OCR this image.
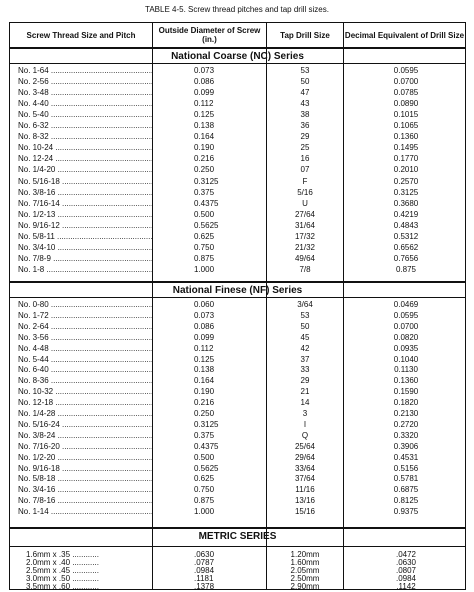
TABLE 4-5. Screw thread pitches and tap drill sizes.
Screw Thread Size and Pitch	Outside Diameter of Screw (in.)	Tap Drill Size	Decimal Equivalent of Drill Size
National Coarse (NC) Series
No. 1-64 .....	0.073	53	0.0595
No. 2-56 .....	0.086	50	0.0700
No. 3-48 .....	0.099	47	0.0785
No. 4-40 .....	0.112	43	0.0890
No. 5-40 .....	0.125	38	0.1015
No. 6-32 .....	0.138	36	0.1065
No. 8-32 .....	0.164	29	0.1360
No. 10-24 .....	0.190	25	0.1495
No. 12-24 .....	0.216	16	0.1770
No. 1/4-20 .....	0.250	07	0.2010
No. 5/16-18 .....	0.3125	F	0.2570
No. 3/8-16 .....	0.375	5/16	0.3125
No. 7/16-14 .....	0.4375	U	0.3680
No. 1/2-13 .....	0.500	27/64	0.4219
No. 9/16-12 .....	0.5625	31/64	0.4843
No. 5/8-11 .....	0.625	17/32	0.5312
No. 3/4-10 .....	0.750	21/32	0.6562
No. 7/8-9 .....	0.875	49/64	0.7656
No. 1-8 .....	1.000	7/8	0.875
National Finese (NF) Series
No. 0-80 .....	0.060	3/64	0.0469
No. 1-72 .....	0.073	53	0.0595
No. 2-64 .....	0.086	50	0.0700
No. 3-56 .....	0.099	45	0.0820
No. 4-48 .....	0.112	42	0.0935
No. 5-44 .....	0.125	37	0.1040
No. 6-40 .....	0.138	33	0.1130
No. 8-36 .....	0.164	29	0.1360
No. 10-32 .....	0.190	21	0.1590
No. 12-18 .....	0.216	14	0.1820
No. 1/4-28 .....	0.250	3	0.2130
No. 5/16-24 .....	0.3125	I	0.2720
No. 3/8-24 .....	0.375	Q	0.3320
No. 7/16-20 .....	0.4375	25/64	0.3906
No. 1/2-20 .....	0.500	29/64	0.4531
No. 9/16-18 .....	0.5625	33/64	0.5156
No. 5/8-18 .....	0.625	37/64	0.5781
No. 3/4-16 .....	0.750	11/16	0.6875
No. 7/8-16 .....	0.875	13/16	0.8125
No. 1-14 .....	1.000	15/16	0.9375
METRIC SERIES
1.6mm x .35 .....	.0630	1.20mm	.0472
2.0mm x .40 .....	.0787	1.60mm	.0630
2.5mm x .45 .....	.0984	2.05mm	.0807
3.0mm x .50 .....	.1181	2.50mm	.0984
3.5mm x .60 .....	.1378	2.90mm	.1142
